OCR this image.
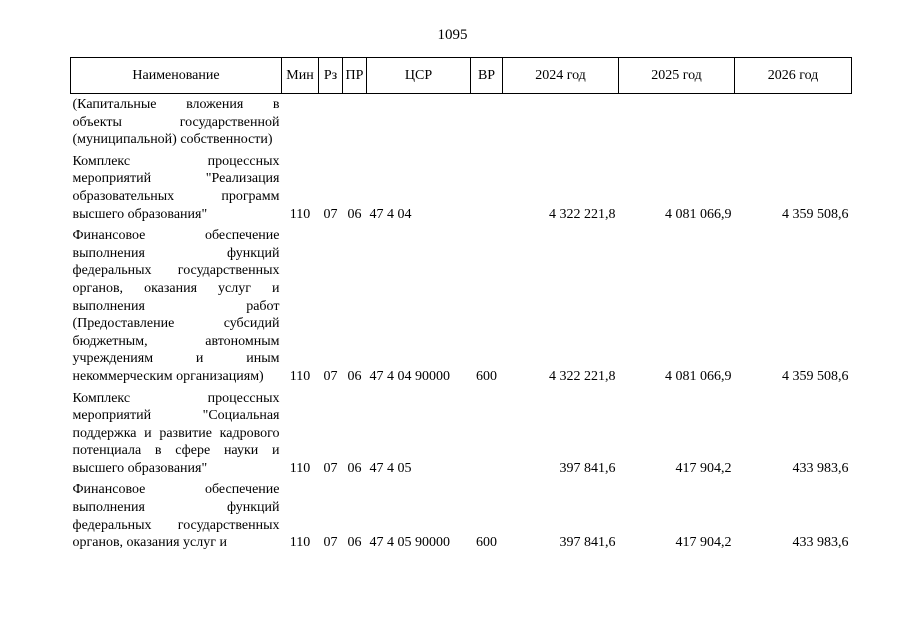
1095
Наименование	Мин	Рз	ПР	ЦСР	ВР	2024 год	2025 год	2026 год
(Капитальные вложения в объекты государственной (муниципальной) собственности)								
Комплекс процессных мероприятий "Реализация образовательных программ высшего образования"	110	07	06	47 4 04		4 322 221,8	4 081 066,9	4 359 508,6
Финансовое обеспечение выполнения функций федеральных государственных органов, оказания услуг и выполнения работ (Предоставление субсидий бюджетным, автономным учреждениям и иным некоммерческим организациям)	110	07	06	47 4 04 90000	600	4 322 221,8	4 081 066,9	4 359 508,6
Комплекс процессных мероприятий "Социальная поддержка и развитие кадрового потенциала в сфере науки и высшего образования"	110	07	06	47 4 05		397 841,6	417 904,2	433 983,6
Финансовое обеспечение выполнения функций федеральных государственных органов, оказания услуг и	110	07	06	47 4 05 90000	600	397 841,6	417 904,2	433 983,6
